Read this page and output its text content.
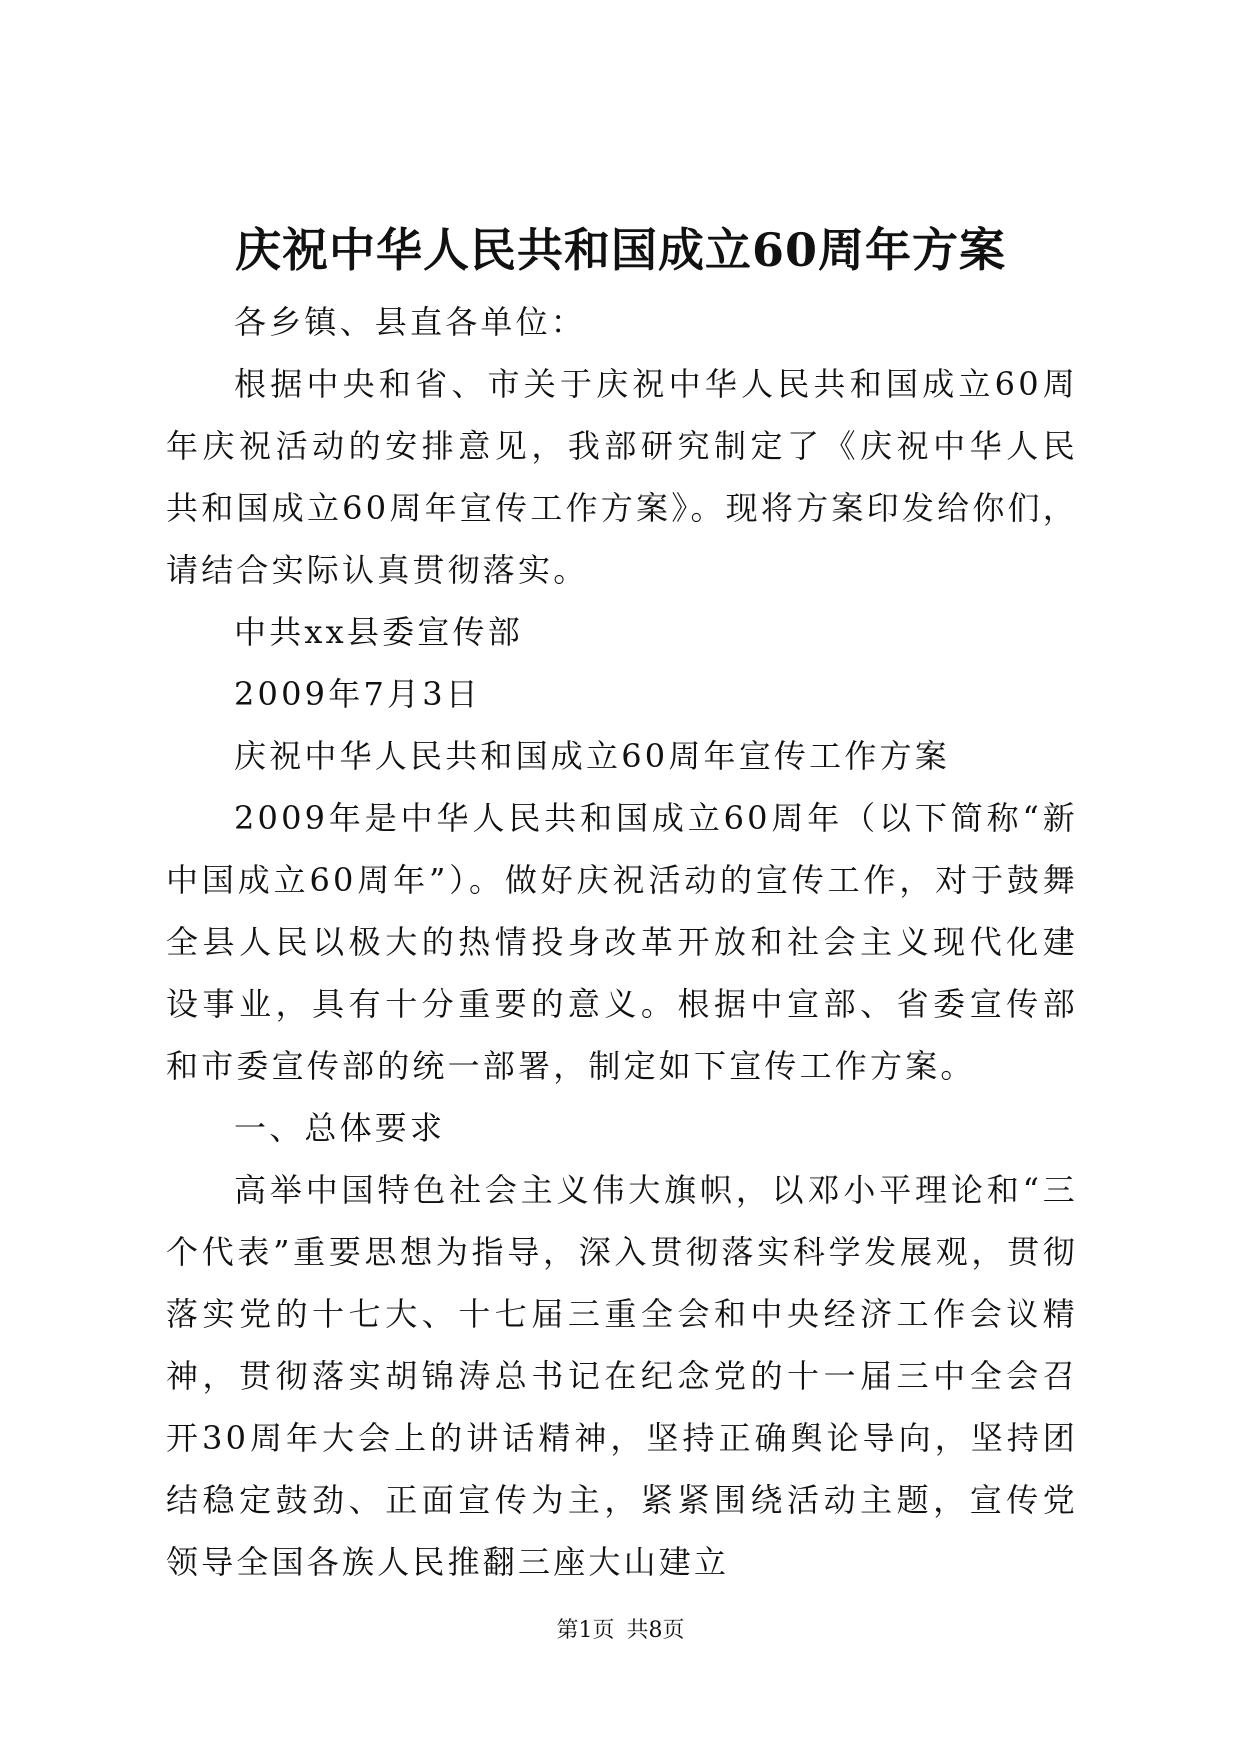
庆祝中华人民共和国成立60周年方案

各乡镇、县直各单位：

根据中央和省、市关于庆祝中华人民共和国成立60周年庆祝活动的安排意见，我部研究制定了《庆祝中华人民共和国成立60周年宣传工作方案》。现将方案印发给你们，请结合实际认真贯彻落实。

中共xx县委宣传部

2009年7月3日

庆祝中华人民共和国成立60周年宣传工作方案

2009年是中华人民共和国成立60周年（以下简称“新中国成立60周年”）。做好庆祝活动的宣传工作，对于鼓舞全县人民以极大的热情投身改革开放和社会主义现代化建设事业，具有十分重要的意义。根据中宣部、省委宣传部和市委宣传部的统一部署，制定如下宣传工作方案。

一、总体要求

高举中国特色社会主义伟大旗帜，以邓小平理论和“三个代表”重要思想为指导，深入贯彻落实科学发展观，贯彻落实党的十七大、十七届三重全会和中央经济工作会议精神，贯彻落实胡锦涛总书记在纪念党的十一届三中全会召开30周年大会上的讲话精神，坚持正确舆论导向，坚持团结稳定鼓劲、正面宣传为主，紧紧围绕活动主题，宣传党领导全国各族人民推翻三座大山建立

第1页 共8页
